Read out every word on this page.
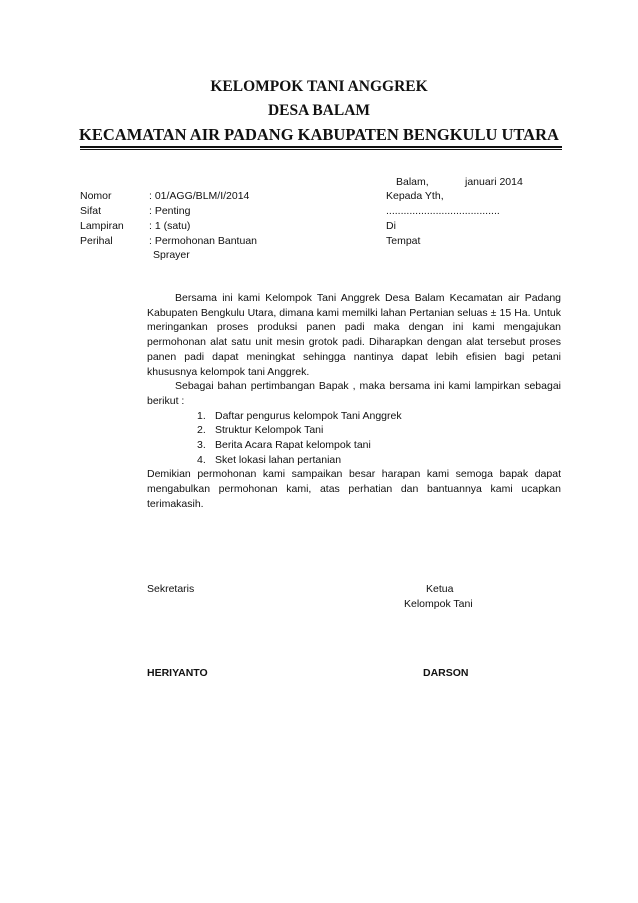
KELOMPOK TANI ANGGREK
DESA BALAM
KECAMATAN AIR PADANG KABUPATEN BENGKULU UTARA
Balam,	januari 2014
Nomor	: 01/AGG/BLM/I/2014
Sifat	: Penting
Lampiran : 1 (satu)
Perihal	: Permohonan Bantuan
Sprayer
Kepada Yth,
.......................................
Di
Tempat

Bersama ini kami Kelompok Tani Anggrek Desa Balam Kecamatan air Padang Kabupaten Bengkulu Utara, dimana kami memilki lahan Pertanian seluas ± 15 Ha. Untuk meringankan proses produksi panen padi maka dengan ini kami mengajukan permohonan alat satu unit mesin grotok padi. Diharapkan dengan alat tersebut proses panen padi dapat meningkat sehingga nantinya dapat lebih efisien bagi petani khususnya kelompok tani Anggrek.

Sebagai bahan pertimbangan Bapak , maka bersama ini kami lampirkan sebagai berikut :

1. Daftar pengurus kelompok Tani Anggrek
2. Struktur Kelompok Tani
3. Berita Acara Rapat kelompok tani
4. Sket lokasi lahan pertanian

Demikian permohonan kami sampaikan besar harapan kami semoga bapak dapat mengabulkan permohonan kami, atas perhatian dan bantuannya kami ucapkan terimakasih.

Sekretaris	Ketua
Kelompok Tani
HERIYANTO	DARSON
